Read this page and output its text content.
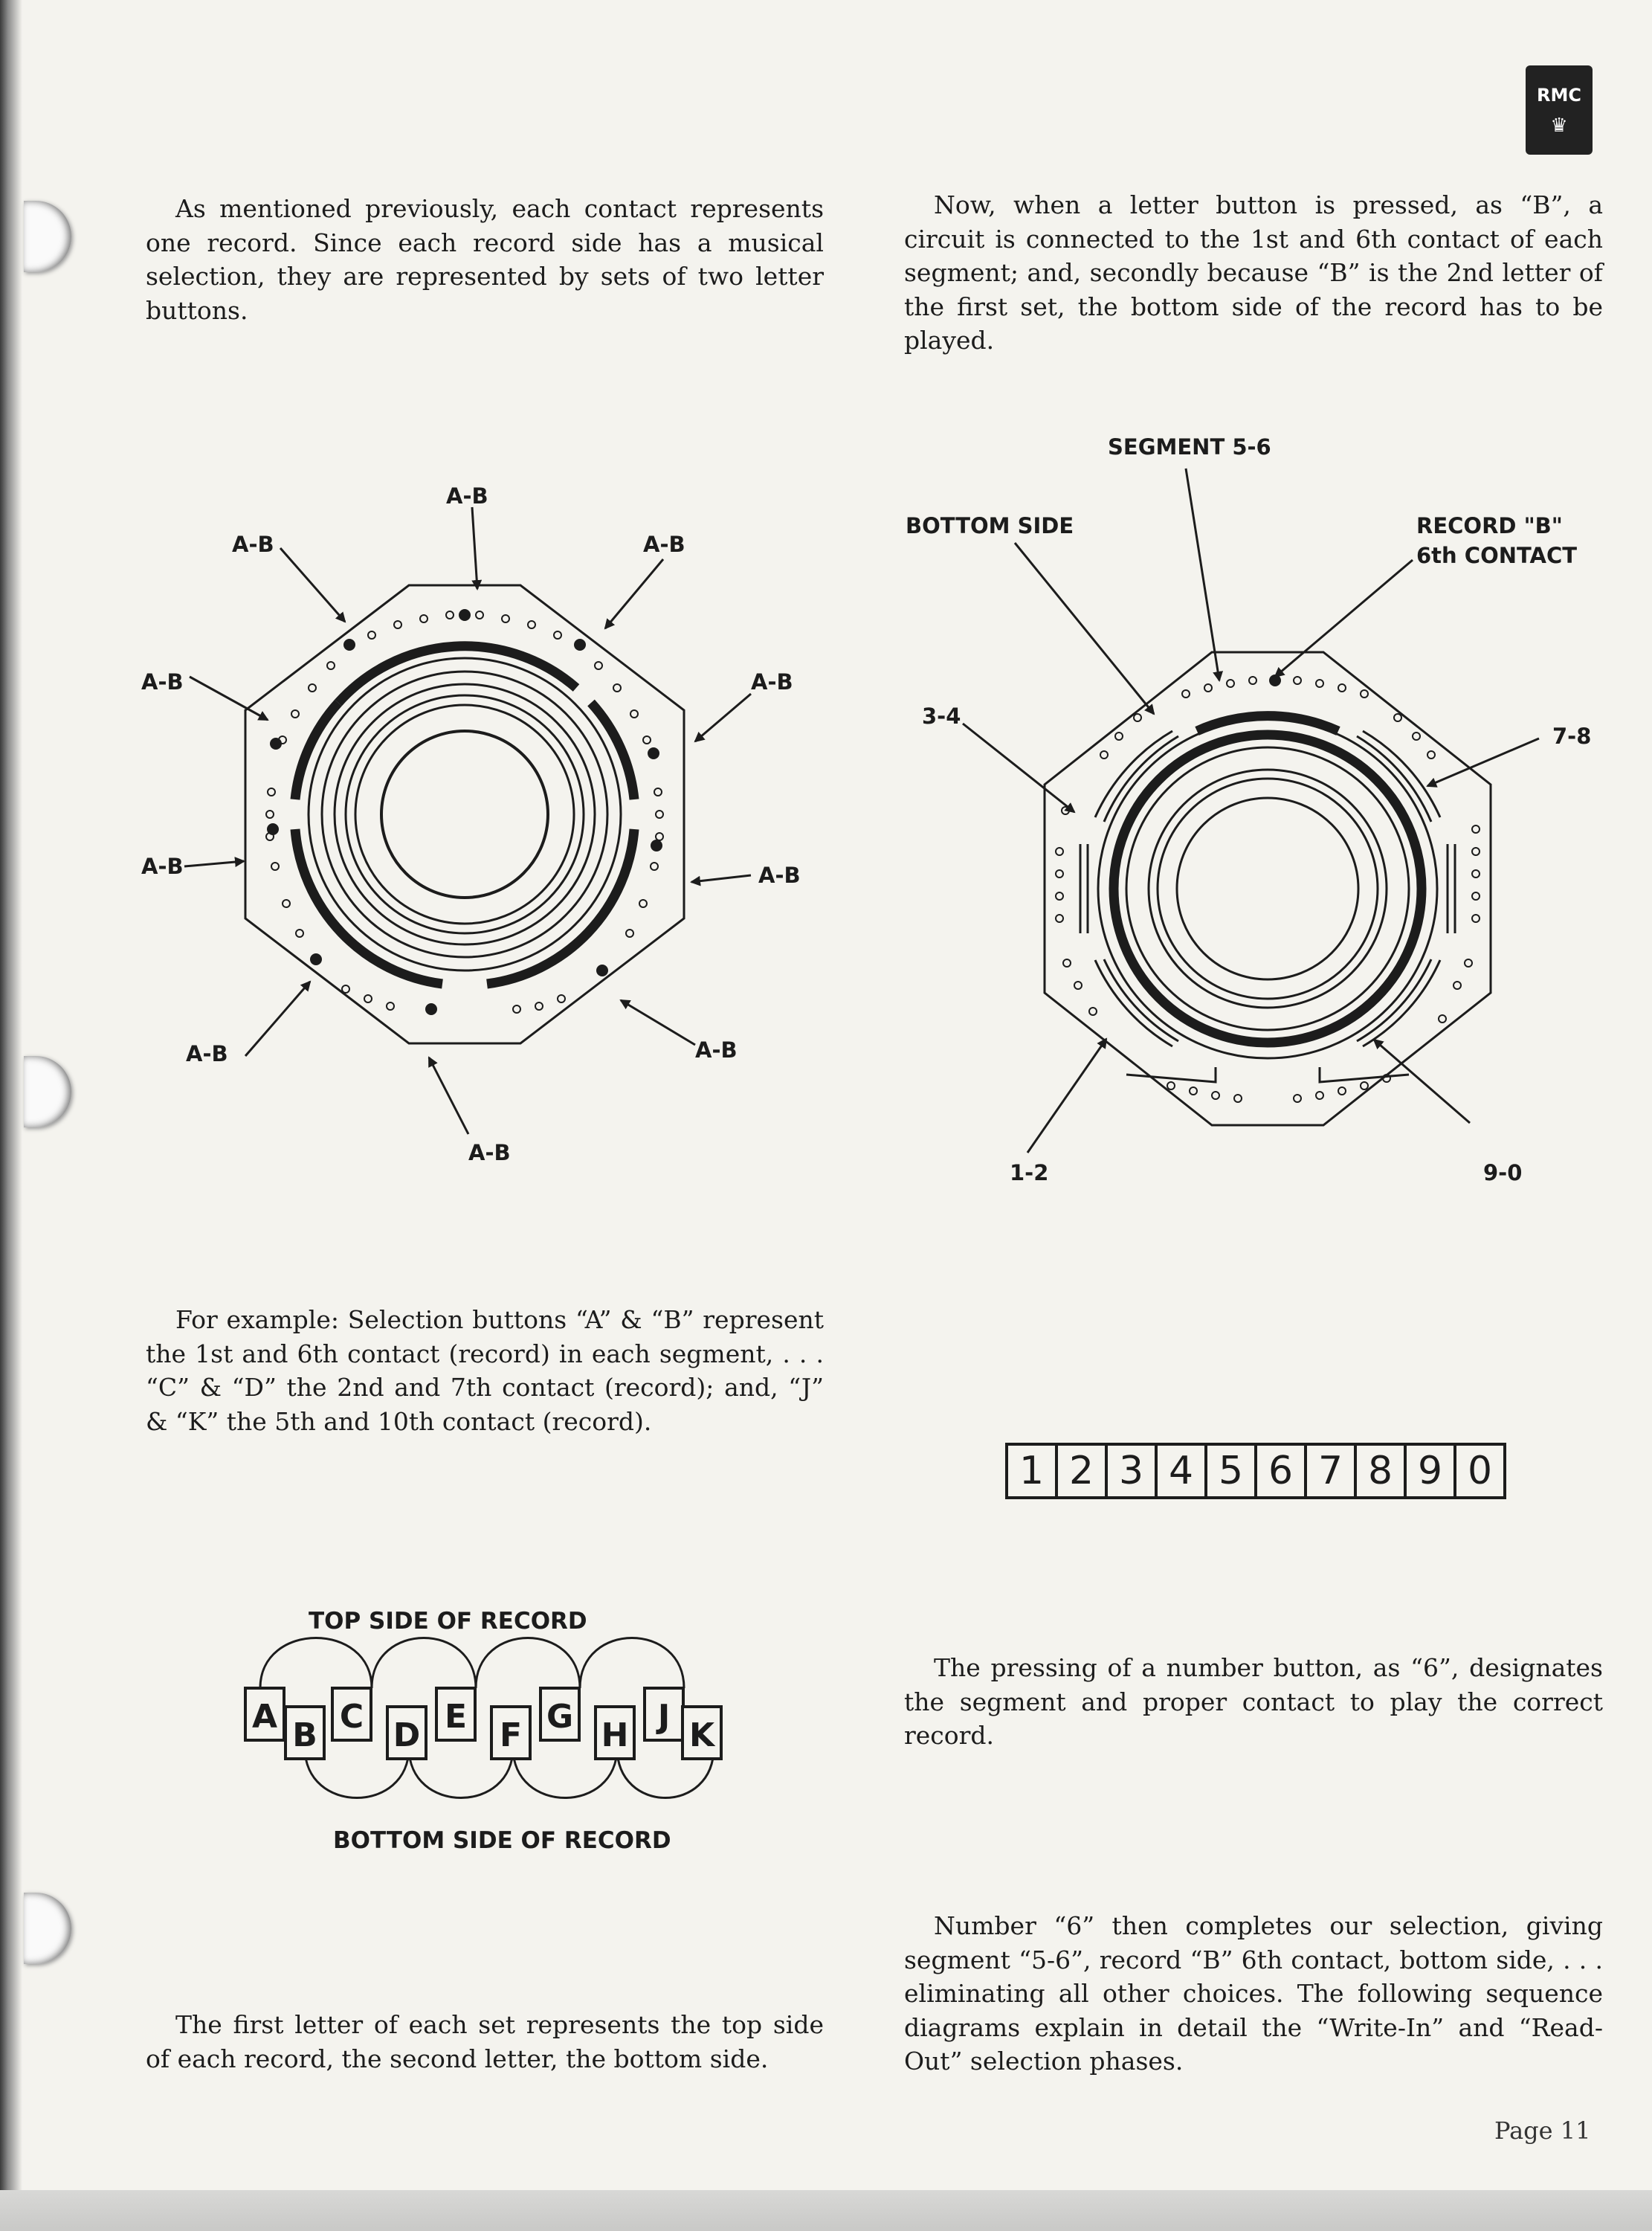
RMC
♛

As mentioned previously, each contact represents one record. Since each record side has a musical selection, they are represented by sets of two letter buttons.

For example: Selection buttons “A” & “B” represent the 1st and 6th contact (record) in each segment, . . . “C” & “D” the 2nd and 7th contact (record); and, “J” & “K” the 5th and 10th contact (record).

The first letter of each set represents the top side of each record, the second letter, the bottom side.

Now, when a letter button is pressed, as “B”, a circuit is connected to the 1st and 6th contact of each segment; and, secondly because “B” is the 2nd letter of the first set, the bottom side of the record has to be played.

The pressing of a number button, as “6”, designates the segment and proper contact to play the correct record.

Number “6” then completes our selection, giving segment “5-6”, record “B” 6th contact, bottom side, . . . eliminating all other choices. The following sequence diagrams explain in detail the “Write-In” and “Read-Out” selection phases.

A-B
A-B	A-B
A-B	A-B
A-B	A-B
A-B	A-B
A-B
SEGMENT 5-6
BOTTOM SIDE	RECORD "B"
6th CONTACT
3-4
7-8
1-2	9-0
A C E G	J
B D F H K
TOP SIDE OF RECORD
BOTTOM SIDE OF RECORD
1 2 3 4 5 6 7 8 9 0
Page 11
